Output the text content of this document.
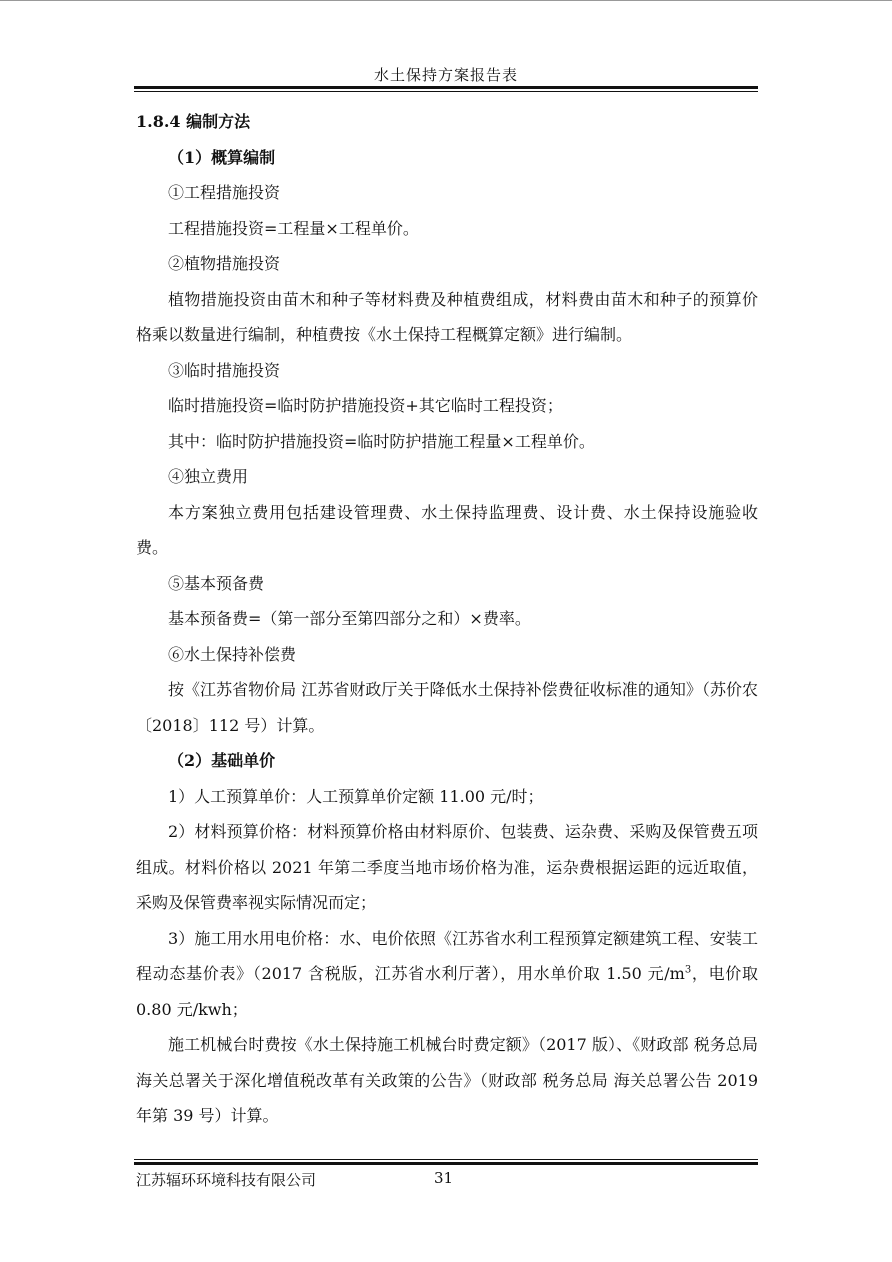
水土保持方案报告表

1.8.4 编制方法

（1）概算编制

①工程措施投资

工程措施投资=工程量×工程单价。

②植物措施投资

植物措施投资由苗木和种子等材料费及种植费组成，材料费由苗木和种子的预算价格乘以数量进行编制，种植费按《水土保持工程概算定额》进行编制。

③临时措施投资

临时措施投资=临时防护措施投资+其它临时工程投资；

其中：临时防护措施投资=临时防护措施工程量×工程单价。

④独立费用

本方案独立费用包括建设管理费、水土保持监理费、设计费、水土保持设施验收费。

⑤基本预备费

基本预备费=（第一部分至第四部分之和）×费率。

⑥水土保持补偿费

按《江苏省物价局 江苏省财政厅关于降低水土保持补偿费征收标准的通知》（苏价农〔2018〕112 号）计算。

（2）基础单价

1）人工预算单价：人工预算单价定额 11.00 元/时；

2）材料预算价格：材料预算价格由材料原价、包装费、运杂费、采购及保管费五项组成。材料价格以 2021 年第二季度当地市场价格为准，运杂费根据运距的远近取值，采购及保管费率视实际情况而定；

3）施工用水用电价格：水、电价依照《江苏省水利工程预算定额建筑工程、安装工程动态基价表》（2017 含税版，江苏省水利厅著），用水单价取 1.50 元$/m^3$，电价取 0.80 元/kwh；

施工机械台时费按《水土保持施工机械台时费定额》（2017 版）、《财政部 税务总局 海关总署关于深化增值税改革有关政策的公告》（财政部 税务总局 海关总署公告 2019 年第 39 号）计算。

江苏辐环环境科技有限公司	31
